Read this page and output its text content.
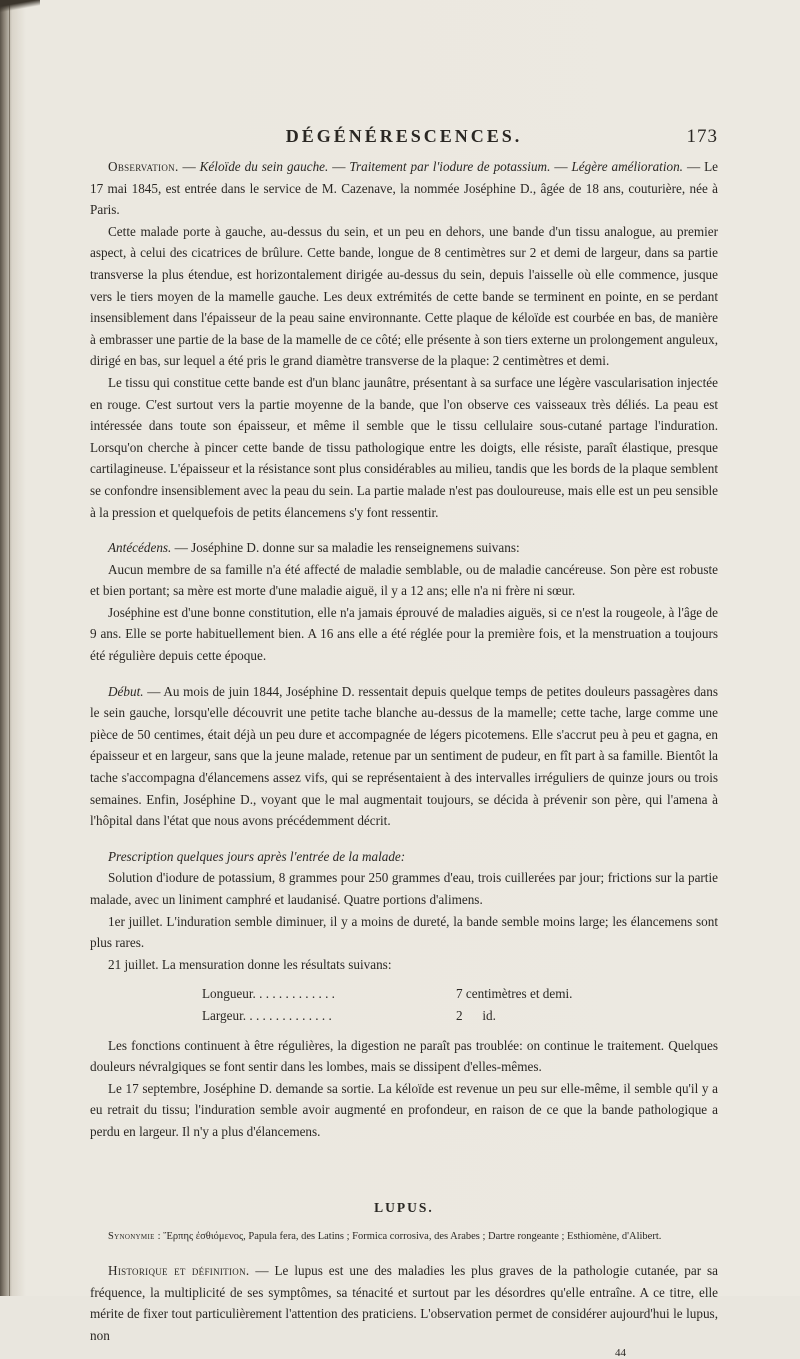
DÉGÉNÉRESCENCES.	173

Observation. — Kéloïde du sein gauche. — Traitement par l'iodure de potassium. — Légère amélioration. — Le 17 mai 1845, est entrée dans le service de M. Cazenave, la nommée Joséphine D., âgée de 18 ans, couturière, née à Paris.

Cette malade porte à gauche, au-dessus du sein, et un peu en dehors, une bande d'un tissu analogue, au premier aspect, à celui des cicatrices de brûlure. Cette bande, longue de 8 centimètres sur 2 et demi de largeur, dans sa partie transverse la plus étendue, est horizontalement dirigée au-dessus du sein, depuis l'aisselle où elle commence, jusque vers le tiers moyen de la mamelle gauche. Les deux extrémités de cette bande se terminent en pointe, en se perdant insensiblement dans l'épaisseur de la peau saine environnante. Cette plaque de kéloïde est courbée en bas, de manière à embrasser une partie de la base de la mamelle de ce côté; elle présente à son tiers externe un prolongement anguleux, dirigé en bas, sur lequel a été pris le grand diamètre transverse de la plaque: 2 centimètres et demi.

Le tissu qui constitue cette bande est d'un blanc jaunâtre, présentant à sa surface une légère vascularisation injectée en rouge. C'est surtout vers la partie moyenne de la bande, que l'on observe ces vaisseaux très déliés. La peau est intéressée dans toute son épaisseur, et même il semble que le tissu cellulaire sous-cutané partage l'induration. Lorsqu'on cherche à pincer cette bande de tissu pathologique entre les doigts, elle résiste, paraît élastique, presque cartilagineuse. L'épaisseur et la résistance sont plus considérables au milieu, tandis que les bords de la plaque semblent se confondre insensiblement avec la peau du sein. La partie malade n'est pas douloureuse, mais elle est un peu sensible à la pression et quelquefois de petits élancemens s'y font ressentir.

Antécédens. — Joséphine D. donne sur sa maladie les renseignemens suivans:

Aucun membre de sa famille n'a été affecté de maladie semblable, ou de maladie cancéreuse. Son père est robuste et bien portant; sa mère est morte d'une maladie aiguë, il y a 12 ans; elle n'a ni frère ni sœur.

Joséphine est d'une bonne constitution, elle n'a jamais éprouvé de maladies aiguës, si ce n'est la rougeole, à l'âge de 9 ans. Elle se porte habituellement bien. A 16 ans elle a été réglée pour la première fois, et la menstruation a toujours été régulière depuis cette époque.

Début. — Au mois de juin 1844, Joséphine D. ressentait depuis quelque temps de petites douleurs passagères dans le sein gauche, lorsqu'elle découvrit une petite tache blanche au-dessus de la mamelle; cette tache, large comme une pièce de 50 centimes, était déjà un peu dure et accompagnée de légers picotemens. Elle s'accrut peu à peu et gagna, en épaisseur et en largeur, sans que la jeune malade, retenue par un sentiment de pudeur, en fît part à sa famille. Bientôt la tache s'accompagna d'élancemens assez vifs, qui se représentaient à des intervalles irréguliers de quinze jours ou trois semaines. Enfin, Joséphine D., voyant que le mal augmentait toujours, se décida à prévenir son père, qui l'amena à l'hôpital dans l'état que nous avons précédemment décrit.

Prescription quelques jours après l'entrée de la malade:

Solution d'iodure de potassium, 8 grammes pour 250 grammes d'eau, trois cuillerées par jour; frictions sur la partie malade, avec un liniment camphré et laudanisé. Quatre portions d'alimens.

1er juillet. L'induration semble diminuer, il y a moins de dureté, la bande semble moins large; les élancemens sont plus rares.

21 juillet. La mensuration donne les résultats suivans:

Longueur. . . . . . . . . . . . .	7 centimètres et demi.
Largeur. . . . . . . . . . . . . .	2      id.

Les fonctions continuent à être régulières, la digestion ne paraît pas troublée: on continue le traitement. Quelques douleurs névralgiques se font sentir dans les lombes, mais se dissipent d'elles-mêmes.

Le 17 septembre, Joséphine D. demande sa sortie. La kéloïde est revenue un peu sur elle-même, il semble qu'il y a eu retrait du tissu; l'induration semble avoir augmenté en profondeur, en raison de ce que la bande pathologique a perdu en largeur. Il n'y a plus d'élancemens.

LUPUS.

Synonymie : Ἕρπης ἐσθιόμενος, Papula fera, des Latins ; Formica corrosiva, des Arabes ; Dartre rongeante ; Esthiomène, d'Alibert.

Historique et définition. — Le lupus est une des maladies les plus graves de la pathologie cutanée, par sa fréquence, la multiplicité de ses symptômes, sa ténacité et surtout par les désordres qu'elle entraîne. A ce titre, elle mérite de fixer tout particulièrement l'attention des praticiens. L'observation permet de considérer aujourd'hui le lupus, non

44
